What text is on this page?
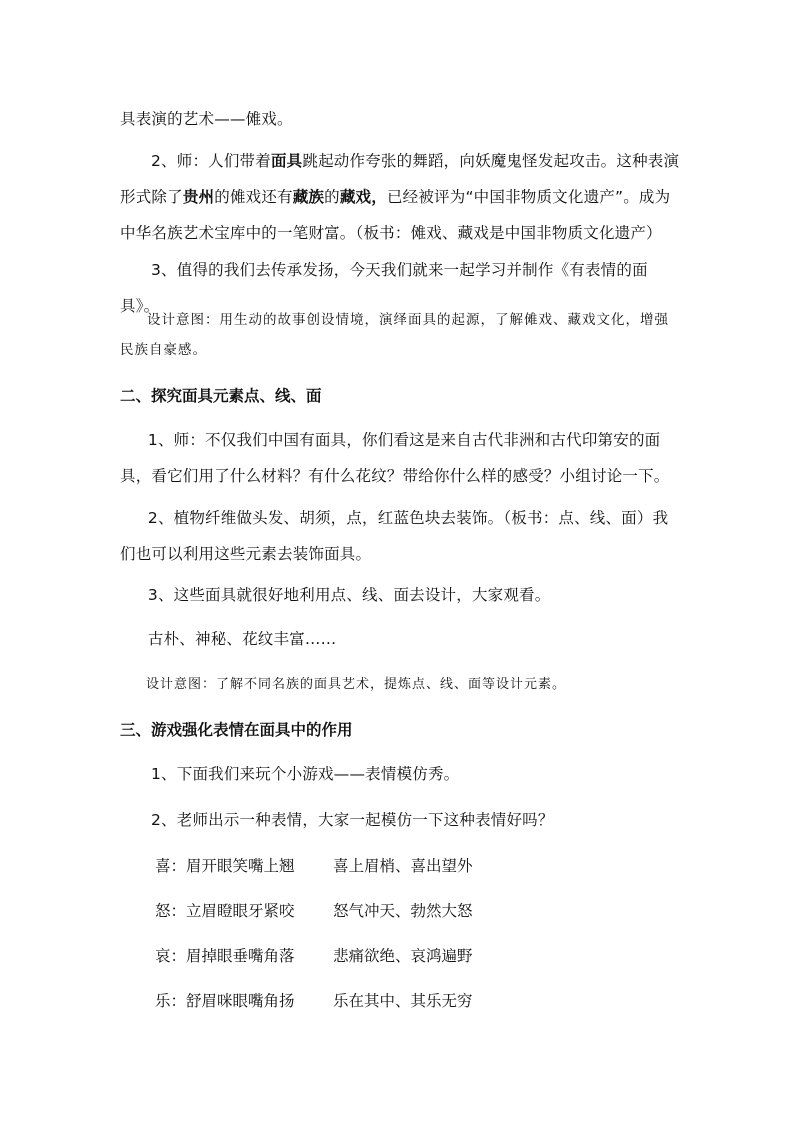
具表演的艺术——傩戏。

2、师：人们带着面具跳起动作夸张的舞蹈，向妖魔鬼怪发起攻击。这种表演形式除了贵州的傩戏还有藏族的藏戏，已经被评为“中国非物质文化遗产”。成为中华名族艺术宝库中的一笔财富。（板书：傩戏、藏戏是中国非物质文化遗产）

3、值得的我们去传承发扬，今天我们就来一起学习并制作《有表情的面具》。

设计意图：用生动的故事创设情境，演绎面具的起源，了解傩戏、藏戏文化，增强民族自豪感。

二、探究面具元素点、线、面

1、师：不仅我们中国有面具，你们看这是来自古代非洲和古代印第安的面具，看它们用了什么材料？有什么花纹？带给你什么样的感受？小组讨论一下。

2、植物纤维做头发、胡须，点，红蓝色块去装饰。（板书：点、线、面）我们也可以利用这些元素去装饰面具。

3、这些面具就很好地利用点、线、面去设计，大家观看。

古朴、神秘、花纹丰富……

设计意图：了解不同名族的面具艺术，提炼点、线、面等设计元素。

三、游戏强化表情在面具中的作用

1、下面我们来玩个小游戏——表情模仿秀。

2、老师出示一种表情，大家一起模仿一下这种表情好吗？

喜：眉开眼笑嘴上翘 喜上眉梢、喜出望外
怒：立眉瞪眼牙紧咬 怒气冲天、勃然大怒
哀：眉掉眼垂嘴角落 悲痛欲绝、哀鸿遍野
乐：舒眉咪眼嘴角扬 乐在其中、其乐无穷
